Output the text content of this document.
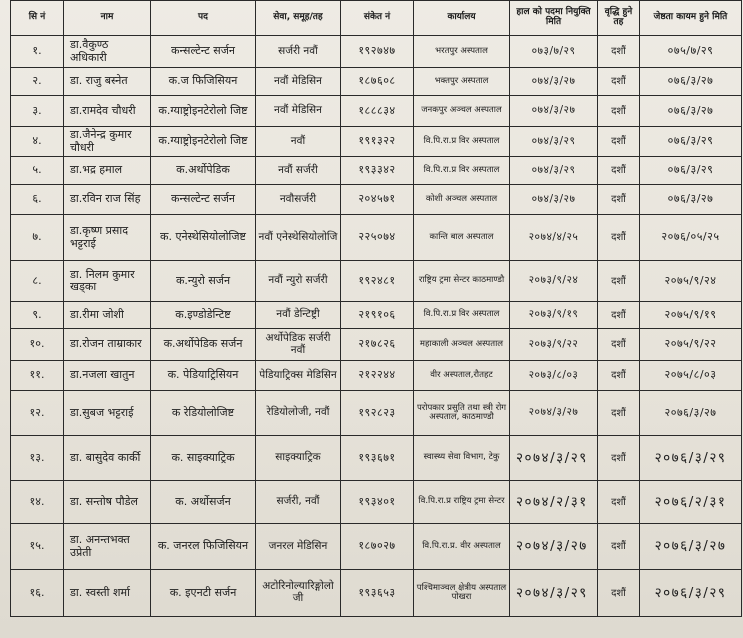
सि नं	नाम	पद	सेवा, समूह/तह	संकेत नं	कार्यालय	हाल को पदमा नियुक्ति मिति	वृद्धि हुने तह	जेष्ठता कायम हुने मिति
१.	डा.वैकुण्ठ अधिकारी	कन्सल्टेन्ट सर्जन	सर्जरी नवौं	१९२७४७	भरतपुर अस्पताल	०७३/७/२९	दशौं	०७५/७/२९
२.	डा. राजु बस्नेत	क.ज फिजिसियन	नवौं मेडिसिन	१८७६०८	भक्तपुर अस्पताल	०७४/३/२७	दशौं	०७६/३/२७
३.	डा.रामदेव चौधरी	क.ग्याष्ट्रोइनटेरोलो जिष्ट	नवौं मेडिसिन	१८८८३४	जनकपुर अञ्चल अस्पताल	०७४/३/२७	दशौं	०७६/३/२७
४.	डा.जैनेन्द्र कुमार चौधरी	क.ग्याष्ट्रोइनटेरोलो जिष्ट	नवौं	१९१३२२	वि.पि.रा.प्र विर अस्पताल	०७४/३/२९	दशौं	०७६/३/२९
५.	डा.भद्र हमाल	क.अर्थोपेडिक	नवौं सर्जरी	१९३३४२	वि.पि.रा.प्र विर अस्पताल	०७४/३/२९	दशौं	०७६/३/२९
६.	डा.रविन राज सिंह	कन्सल्टेन्ट सर्जन	नवौसर्जरी	२०४५७१	कोशी अञ्चल अस्पताल	०७४/३/२७	दशौं	०७६/३/२७
७.	डा.कृष्ण प्रसाद भट्टराई	क. एनेस्थेसियोलोजिष्ट	नवौं एनेस्थेसियोलोजि	२२५०७४	कान्ति बाल अस्पताल	२०७४/४/२५	दशौं	२०७६/०५/२५
८.	डा. निलम कुमार खड्का	क.न्युरो सर्जन	नवौं न्युरो सर्जरी	१९२४८१	राष्ट्रिय ट्रमा सेन्टर काठमाण्डौ	२०७३/९/२४	दशौं	२०७५/९/२४
९.	डा.रीमा जोशी	क.इण्डोडेन्टिष्ट	नवौं डेन्टिष्ट्री	२१९१०६	वि.पि.रा.प्र विर अस्पताल	२०७३/९/१९	दशौं	२०७५/९/१९
१०.	डा.रोजन ताम्राकार	क.अर्थोपेडिक सर्जन	अर्थोपेडिक सर्जरी नवौं	२१७८२६	महाकाली अञ्चल अस्पताल	२०७३/९/२२	दशौं	२०७५/९/२२
११.	डा.नजला खातुन	क. पेडियाट्रिसियन	पेडियाट्रिक्स मेडिसिन	२१२२४४	वीर अस्पताल,रौतहट	२०७३/८/०३	दशौं	२०७५/८/०३
१२.	डा.सुबज भट्टराई	क रेडियोलोजिष्ट	रेडियोलोजी, नवौं	१९२८२३	परोपकार प्रसुति तथा स्त्री रोग अस्पताल, काठमाण्डौ	२०७४/३/२७	दशौं	२०७६/३/२७
१३.	डा. बासुदेव कार्की	क. साइक्याट्रिक	साइक्याट्रिक	१९३६७१	स्वास्थ्य सेवा विभाग, टेकु	२०७४/३/२९	दशौं	२०७६/३/२९
१४.	डा. सन्तोष पौडेल	क. अर्थोसर्जन	सर्जरी, नवौं	१९३४०१	वि.पि.रा.प्र राष्ट्रिय ट्रमा सेन्टर	२०७४/२/३१	दशौं	२०७६/२/३१
१५.	डा. अनन्तभक्त उप्रेती	क. जनरल फिजिसियन	जनरल मेडिसिन	१८७०२७	वि.पि.रा.प्र. वीर अस्पताल	२०७४/३/२७	दशौं	२०७६/३/२७
१६.	डा. स्वस्ती शर्मा	क. इएनटी सर्जन	अटोरिनोल्यारिङ्गोलो जी	१९३६५३	पश्चिमाञ्चल क्षेत्रीय अस्पताल पोखरा	२०७४/३/२९	दशौं	२०७६/३/२९
